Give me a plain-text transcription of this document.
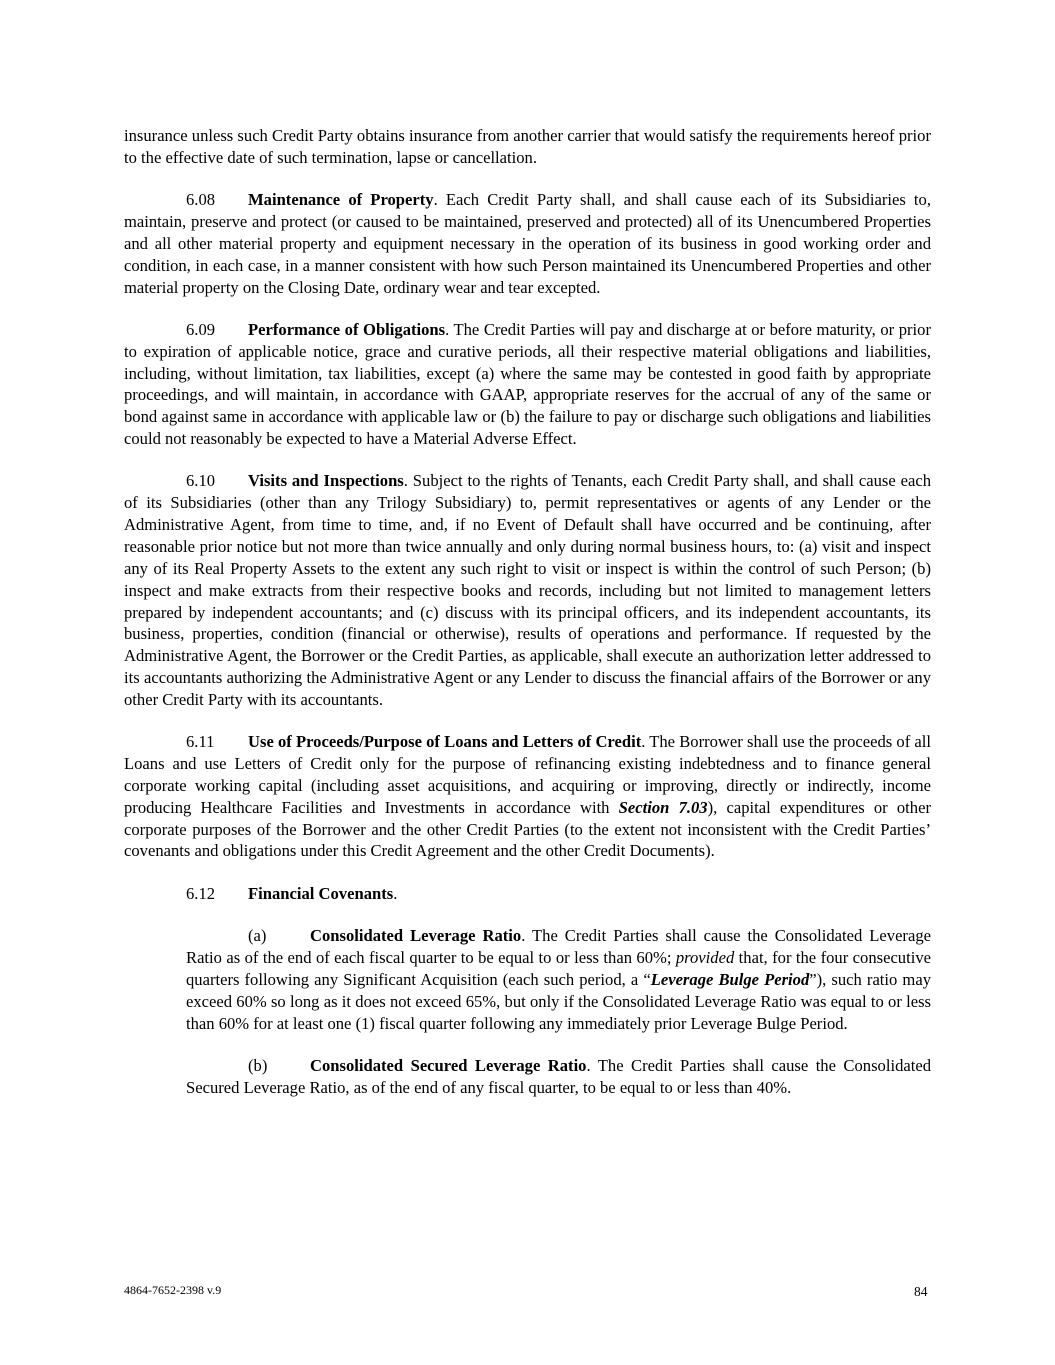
insurance unless such Credit Party obtains insurance from another carrier that would satisfy the requirements hereof prior to the effective date of such termination, lapse or cancellation.

6.08 Maintenance of Property. Each Credit Party shall, and shall cause each of its Subsidiaries to, maintain, preserve and protect (or caused to be maintained, preserved and protected) all of its Unencumbered Properties and all other material property and equipment necessary in the operation of its business in good working order and condition, in each case, in a manner consistent with how such Person maintained its Unencumbered Properties and other material property on the Closing Date, ordinary wear and tear excepted.

6.09 Performance of Obligations. The Credit Parties will pay and discharge at or before maturity, or prior to expiration of applicable notice, grace and curative periods, all their respective material obligations and liabilities, including, without limitation, tax liabilities, except (a) where the same may be contested in good faith by appropriate proceedings, and will maintain, in accordance with GAAP, appropriate reserves for the accrual of any of the same or bond against same in accordance with applicable law or (b) the failure to pay or discharge such obligations and liabilities could not reasonably be expected to have a Material Adverse Effect.

6.10 Visits and Inspections. Subject to the rights of Tenants, each Credit Party shall, and shall cause each of its Subsidiaries (other than any Trilogy Subsidiary) to, permit representatives or agents of any Lender or the Administrative Agent, from time to time, and, if no Event of Default shall have occurred and be continuing, after reasonable prior notice but not more than twice annually and only during normal business hours, to: (a) visit and inspect any of its Real Property Assets to the extent any such right to visit or inspect is within the control of such Person; (b) inspect and make extracts from their respective books and records, including but not limited to management letters prepared by independent accountants; and (c) discuss with its principal officers, and its independent accountants, its business, properties, condition (financial or otherwise), results of operations and performance. If requested by the Administrative Agent, the Borrower or the Credit Parties, as applicable, shall execute an authorization letter addressed to its accountants authorizing the Administrative Agent or any Lender to discuss the financial affairs of the Borrower or any other Credit Party with its accountants.

6.11 Use of Proceeds/Purpose of Loans and Letters of Credit. The Borrower shall use the proceeds of all Loans and use Letters of Credit only for the purpose of refinancing existing indebtedness and to finance general corporate working capital (including asset acquisitions, and acquiring or improving, directly or indirectly, income producing Healthcare Facilities and Investments in accordance with Section 7.03), capital expenditures or other corporate purposes of the Borrower and the other Credit Parties (to the extent not inconsistent with the Credit Parties’ covenants and obligations under this Credit Agreement and the other Credit Documents).

6.12 Financial Covenants.

(a)	Consolidated Leverage Ratio. The Credit Parties shall cause the Consolidated Leverage Ratio as of the end of each fiscal quarter to be equal to or less than 60%; provided that, for the four consecutive quarters following any Significant Acquisition (each such period, a “Leverage Bulge Period”), such ratio may exceed 60% so long as it does not exceed 65%, but only if the Consolidated Leverage Ratio was equal to or less than 60% for at least one (1) fiscal quarter following any immediately prior Leverage Bulge Period.

(b)	Consolidated Secured Leverage Ratio. The Credit Parties shall cause the Consolidated Secured Leverage Ratio, as of the end of any fiscal quarter, to be equal to or less than 40%.

4864-7652-2398 v.9	84
